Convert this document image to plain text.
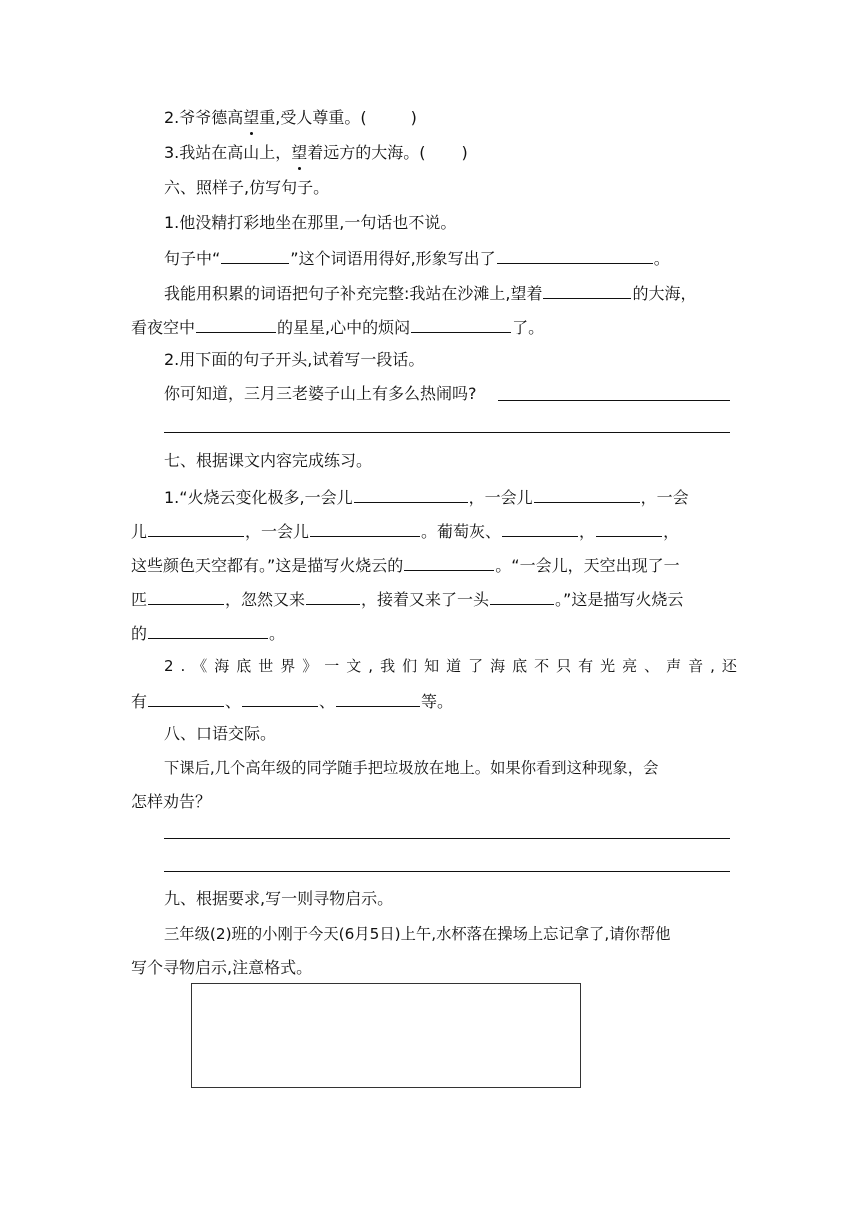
2.爷爷德高望重,受人尊重。(	)
3.我站在高山上，望着远方的大海。( )
六、照样子,仿写句子。
1.他没精打彩地坐在那里,一句话也不说。
句子中“	”这个词语用得好,形象写出了	。
我能用积累的词语把句子补充完整:我站在沙滩上,望着	的大海，
看夜空中	的星星,心中的烦闷	了。
2.用下面的句子开头,试着写一段话。
你可知道，三月三老婆子山上有多么热闹吗?
七、根据课文内容完成练习。
1.“火烧云变化极多,一会儿	，一会儿	，一会
儿	，一会儿	。葡萄灰、	，	，
这些颜色天空都有。”这是描写火烧云的	。“一会儿，天空出现了一
匹	，忽然又来	，接着又来了一头	。”这是描写火烧云
的	。
2.《海底世界》一文,我们知道了海底不只有光亮、声音,还
有	、	、	等。
八、口语交际。
下课后,几个高年级的同学随手把垃圾放在地上。如果你看到这种现象，会
怎样劝告？
九、根据要求,写一则寻物启示。
三年级(2)班的小刚于今天(6月5日)上午,水杯落在操场上忘记拿了,请你帮他
写个寻物启示,注意格式。
